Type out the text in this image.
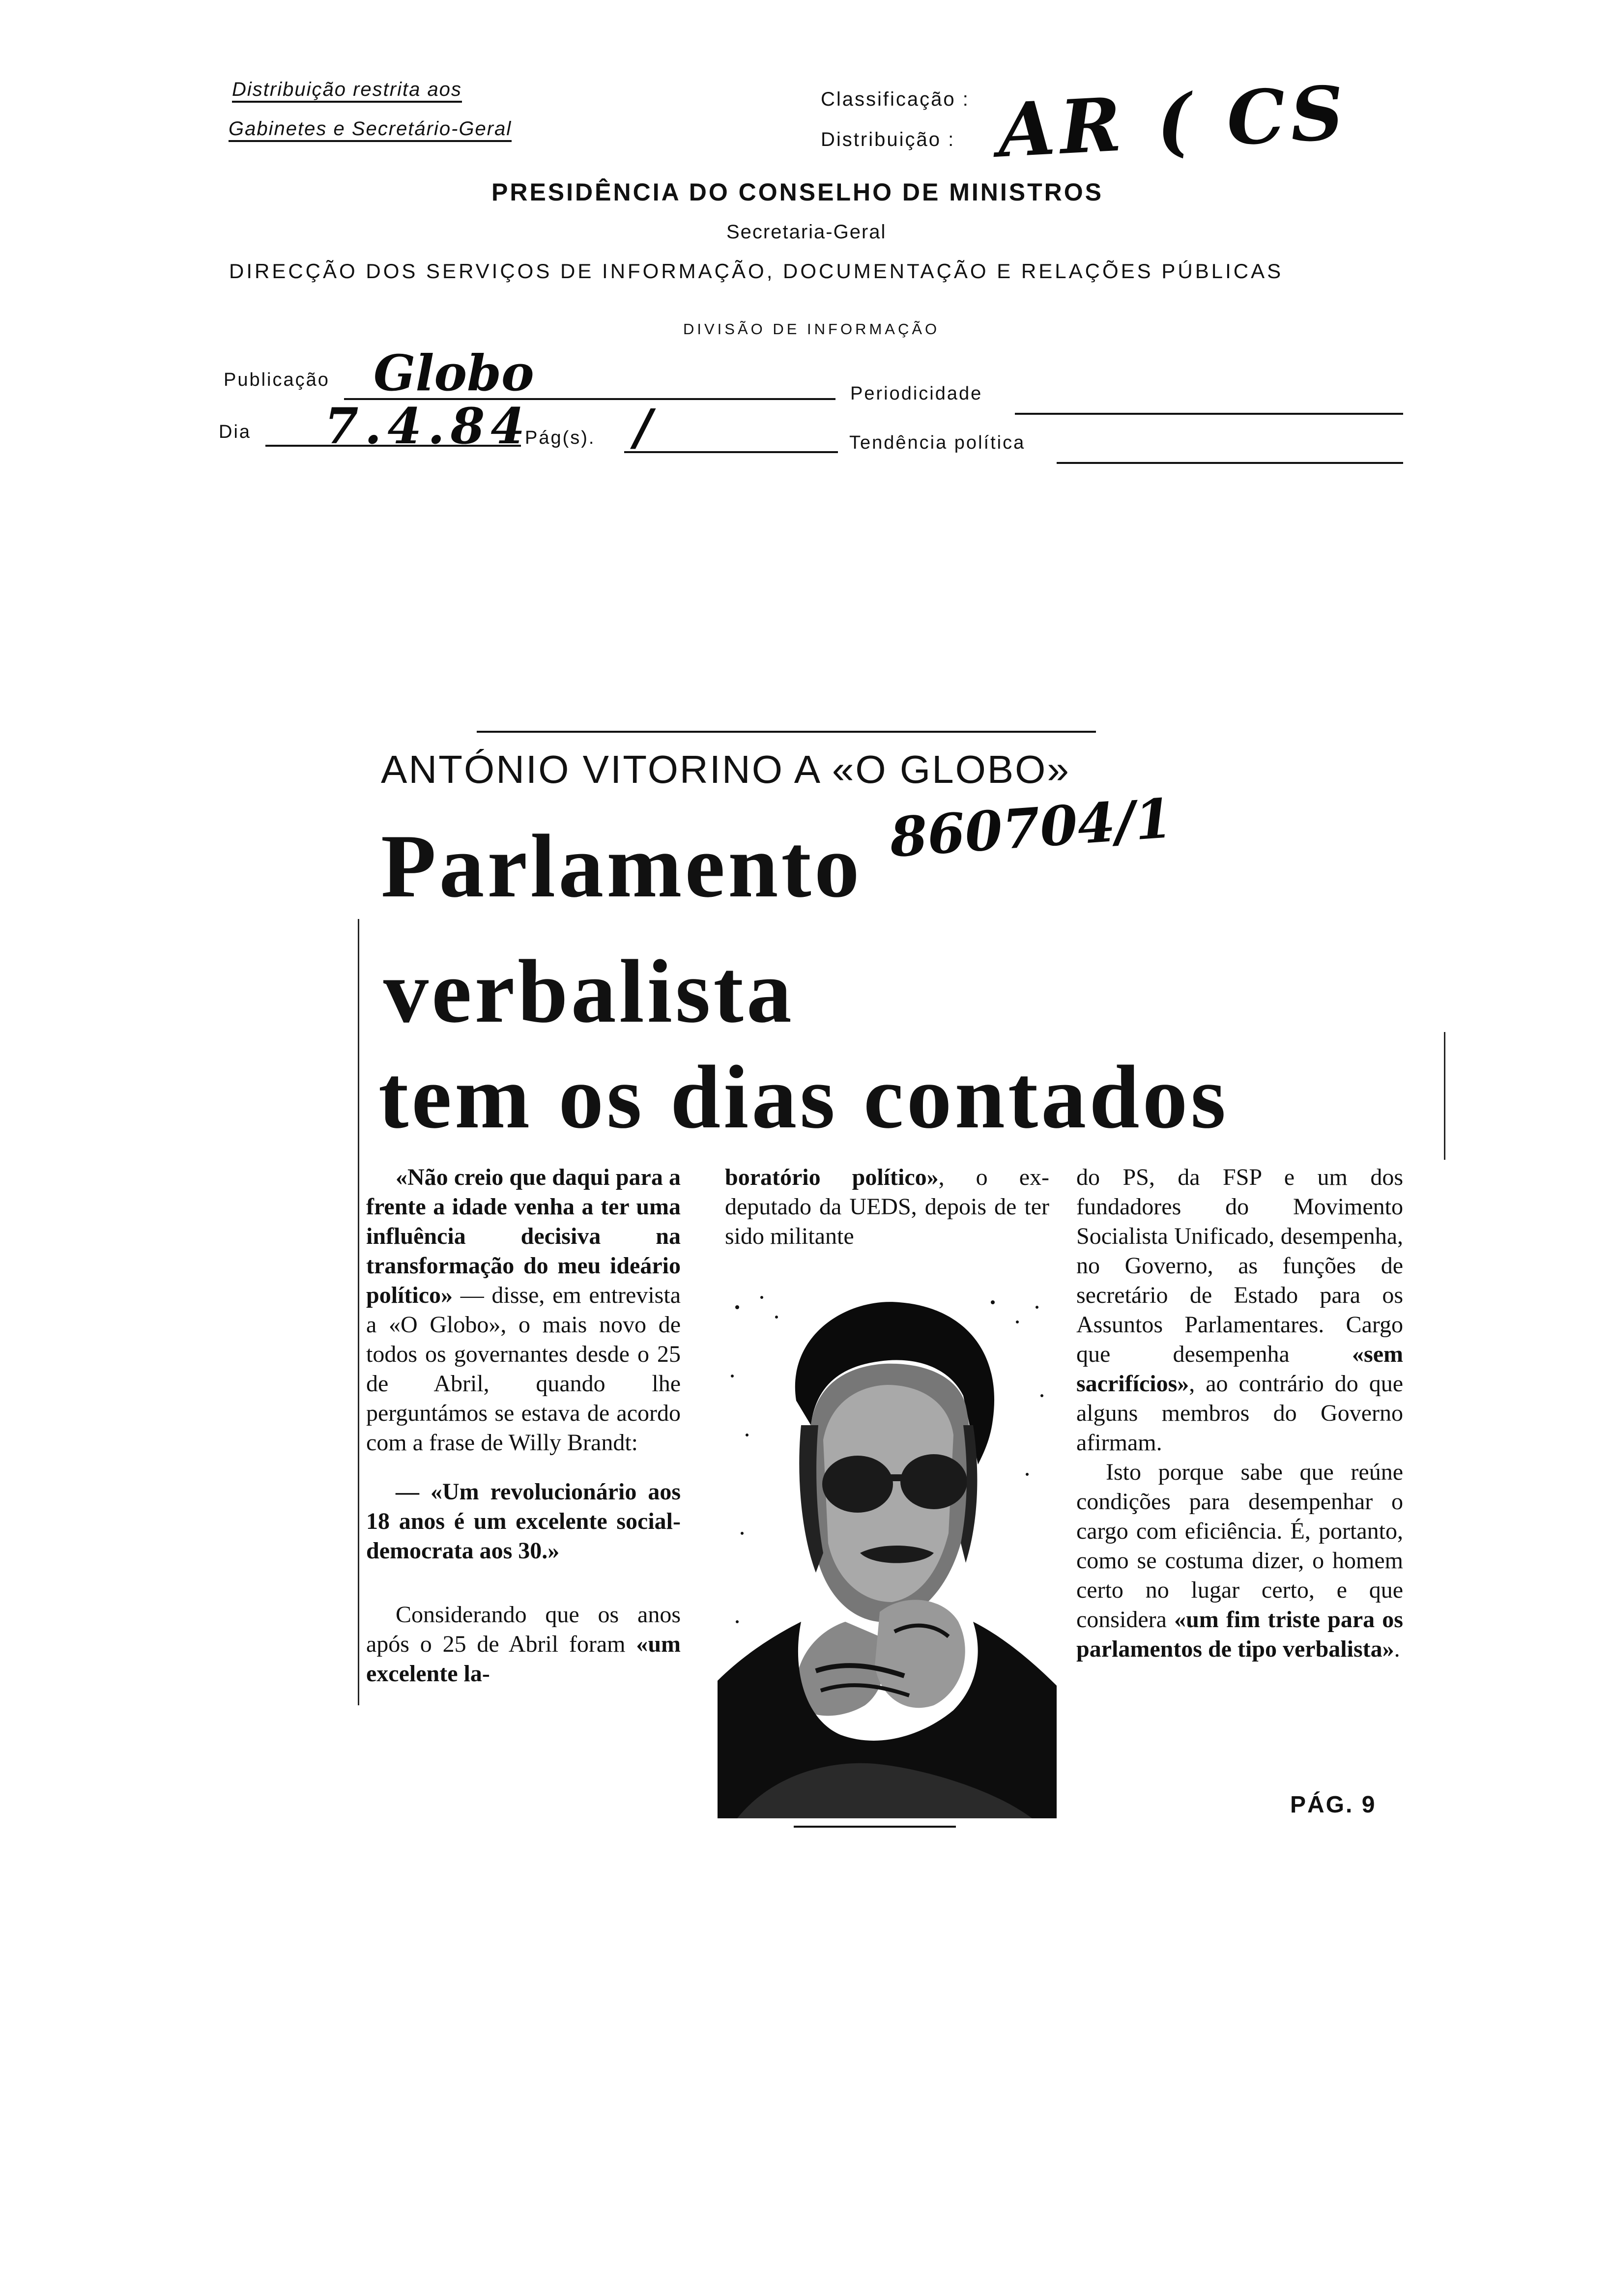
Distribuição restrita aos
Gabinetes e Secretário-Geral
Classificação :
Distribuição : AR ( CS
PRESIDÊNCIA DO CONSELHO DE MINISTROS
Secretaria-Geral
DIRECÇÃO DOS SERVIÇOS DE INFORMAÇÃO, DOCUMENTAÇÃO E RELAÇÕES PÚBLICAS
DIVISÃO DE INFORMAÇÃO
Publicação Globo	Periodicidade
Dia 7.4.84
Pág(s). /	Tendência política
ANTÓNIO VITORINO A «O GLOBO»
860704/1
Parlamento
verbalista
tem os dias contados

«Não creio que daqui para a frente a idade venha a ter uma influência decisiva na transformação do meu ideário político» — disse, em entrevista a «O Globo», o mais novo de todos os governantes desde o 25 de Abril, quando lhe perguntámos se estava de acordo com a frase de Willy Brandt:

— «Um revolucionário aos 18 anos é um excelente social-democrata aos 30.»

Considerando que os anos após o 25 de Abril foram «um excelente la-

boratório político», o ex-deputado da UEDS, depois de ter sido militante

do PS, da FSP e um dos fundadores do Movimento Socialista Unificado, desempenha, no Governo, as funções de secretário de Estado para os Assuntos Parlamentares. Cargo que desempenha «sem sacrifícios», ao contrário do que alguns membros do Governo afirmam.

Isto porque sabe que reúne condições para desempenhar o cargo com eficiência. É, portanto, como se costuma dizer, o homem certo no lugar certo, e que considera «um fim triste para os parlamentos de tipo verbalista».

PÁG. 9
